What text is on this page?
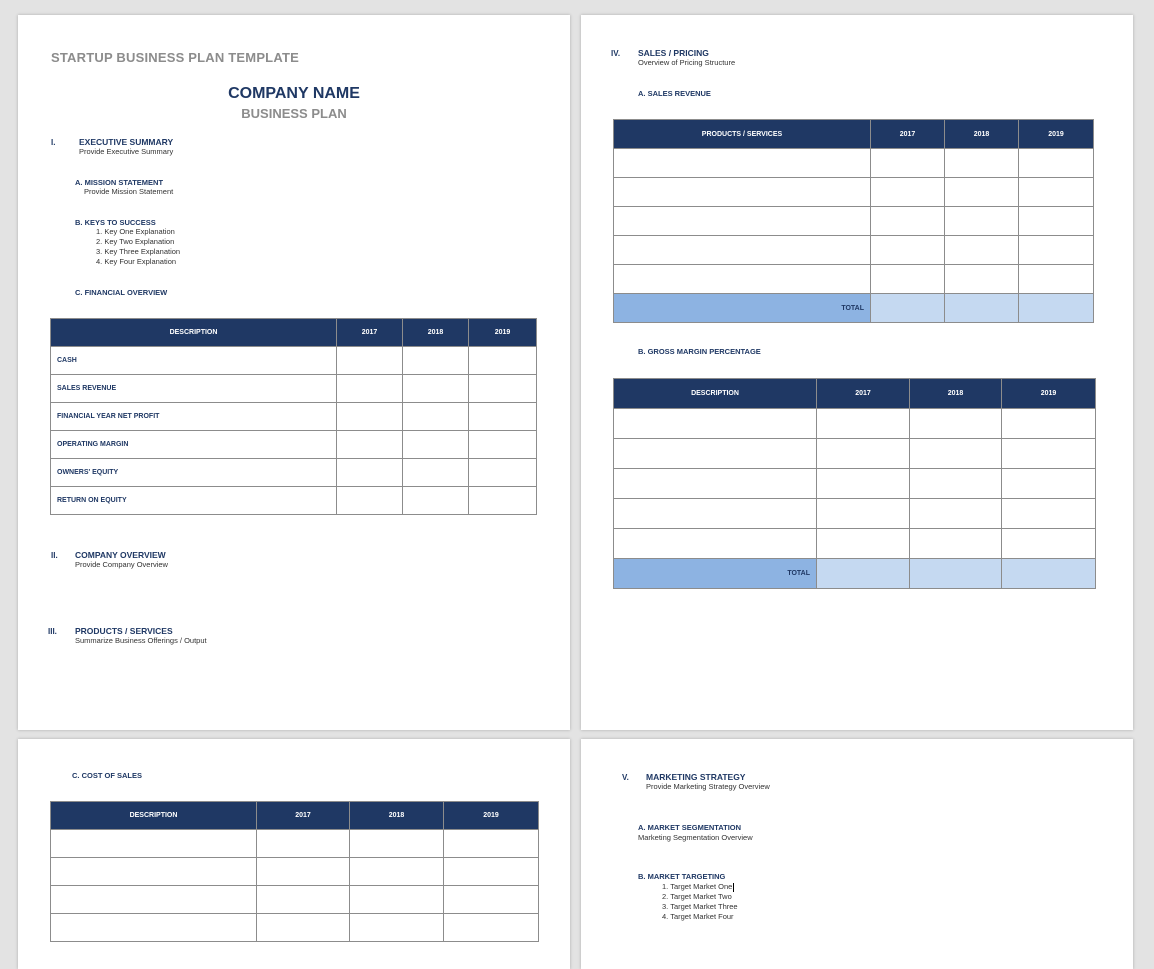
STARTUP BUSINESS PLAN TEMPLATE
COMPANY NAME
BUSINESS PLAN
I.	EXECUTIVE SUMMARY
Provide Executive Summary
A. MISSION STATEMENT
Provide Mission Statement
B. KEYS TO SUCCESS
1. Key One Explanation
2. Key Two Explanation
3. Key Three Explanation
4. Key Four Explanation
C. FINANCIAL OVERVIEW
DESCRIPTION	2017	2018	2019
CASH			
SALES REVENUE			
FINANCIAL YEAR NET PROFIT			
OPERATING MARGIN			
OWNERS' EQUITY			
RETURN ON EQUITY			
II. COMPANY OVERVIEW
Provide Company Overview
III. PRODUCTS / SERVICES
Summarize Business Offerings / Output
IV. SALES / PRICING
Overview of Pricing Structure
A. SALES REVENUE
PRODUCTS / SERVICES	2017	2018	2019

TOTAL			
B. GROSS MARGIN PERCENTAGE
DESCRIPTION	2017	2018	2019

TOTAL			
C. COST OF SALES
DESCRIPTION	2017	2018	2019

V. MARKETING STRATEGY
Provide Marketing Strategy Overview
A. MARKET SEGMENTATION
Marketing Segmentation Overview
B. MARKET TARGETING
1. Target Market One
2. Target Market Two
3. Target Market Three
4. Target Market Four
